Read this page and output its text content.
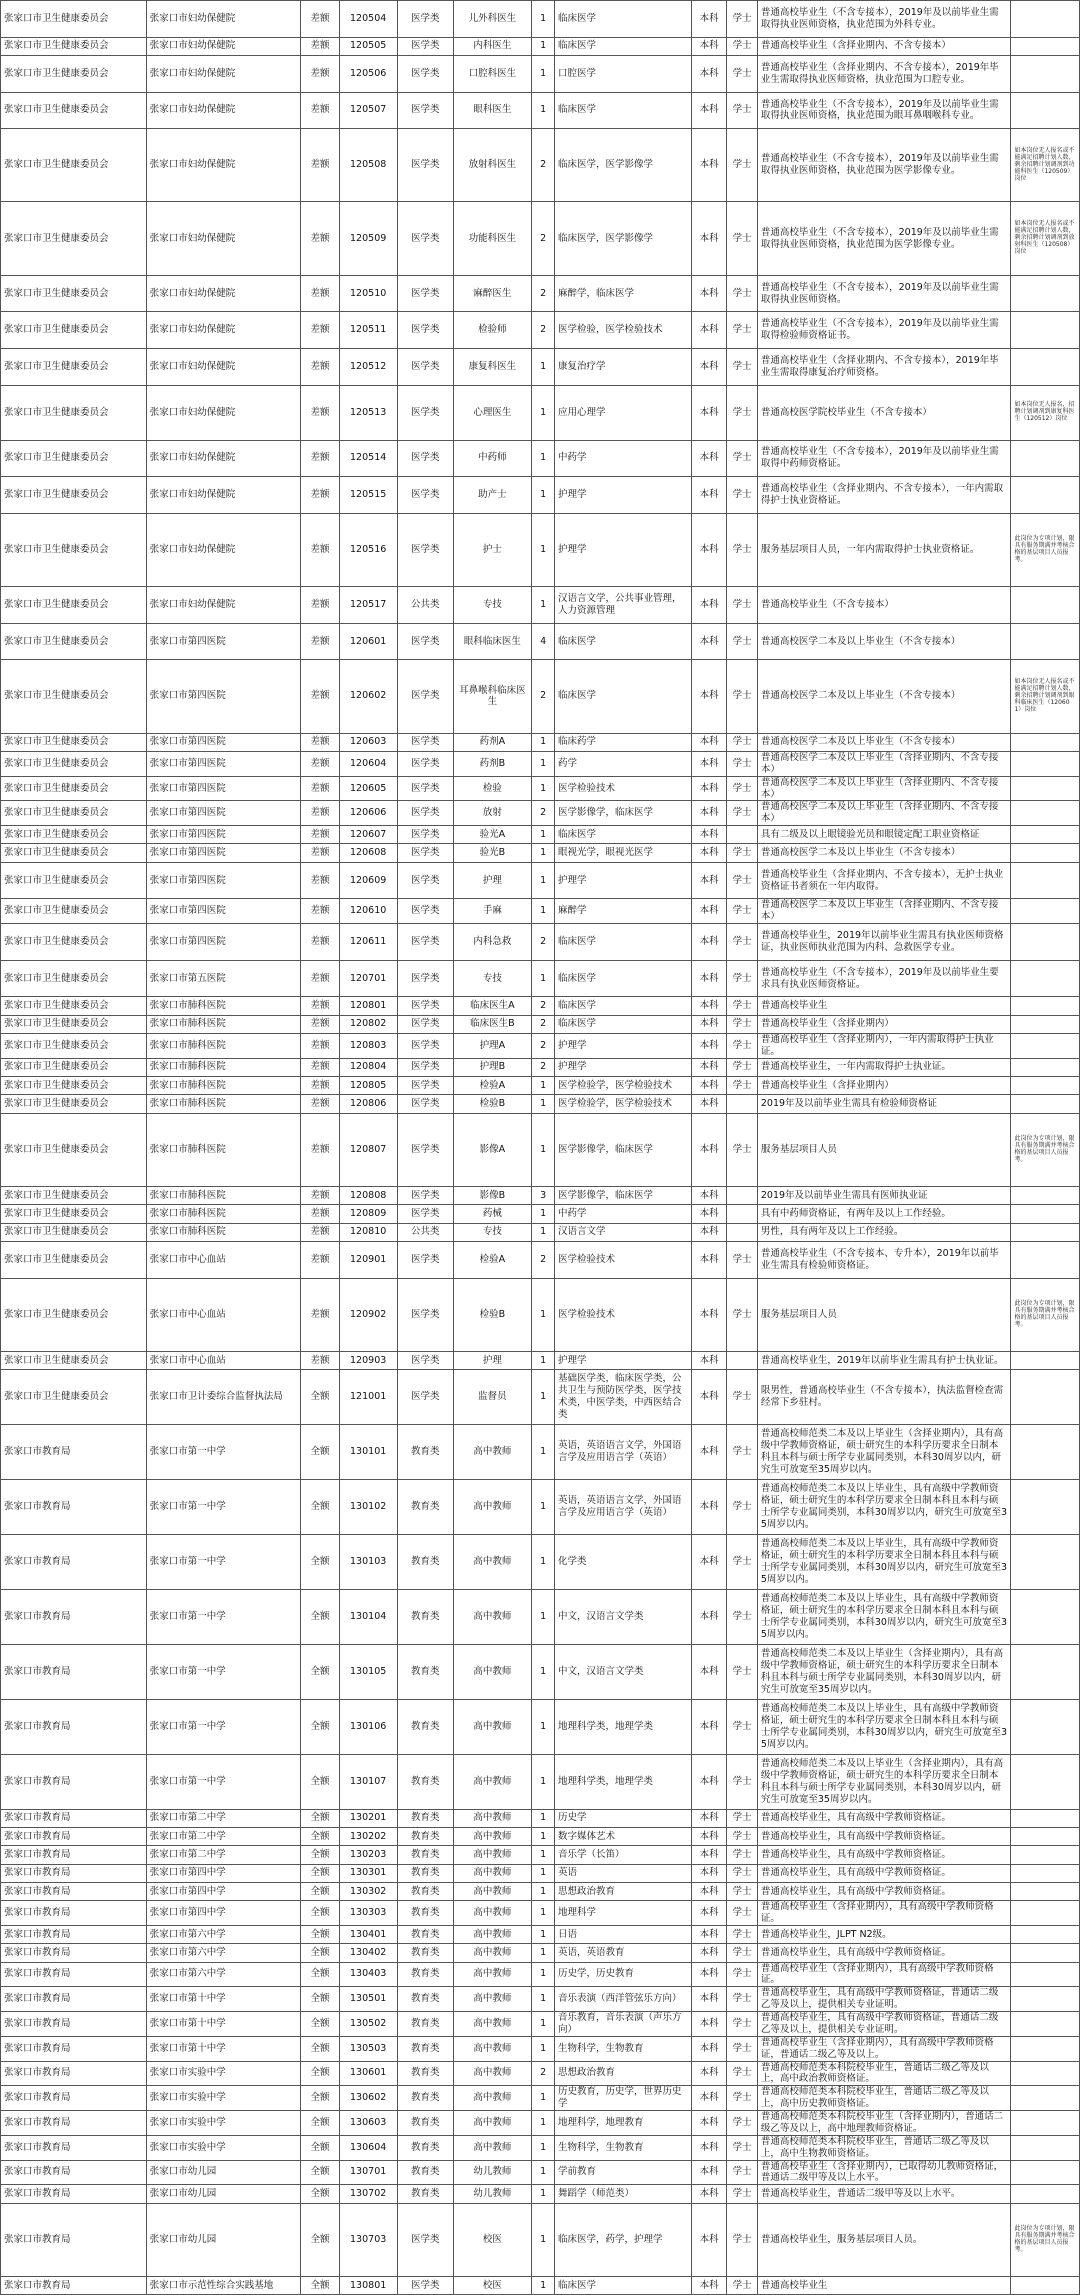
张家口市卫生健康委员会	张家口市妇幼保健院	差额	120504	医学类	儿外科医生	1	临床医学	本科	学士	普通高校毕业生（不含专接本），2019年及以前毕业生需取得执业医师资格，执业范围为外科专业。	
张家口市卫生健康委员会	张家口市妇幼保健院	差额	120505	医学类	内科医生	1	临床医学	本科	学士	普通高校毕业生（含择业期内、不含专接本）	
张家口市卫生健康委员会	张家口市妇幼保健院	差额	120506	医学类	口腔科医生	1	口腔医学	本科	学士	普通高校毕业生（含择业期内、不含专接本），2019年毕业生需取得执业医师资格，执业范围为口腔专业。	
张家口市卫生健康委员会	张家口市妇幼保健院	差额	120507	医学类	眼科医生	1	临床医学	本科	学士	普通高校毕业生（不含专接本），2019年及以前毕业生需取得执业医师资格，执业范围为眼耳鼻咽喉科专业。	
张家口市卫生健康委员会	张家口市妇幼保健院	差额	120508	医学类	放射科医生	2	临床医学，医学影像学	本科	学士	普通高校毕业生（不含专接本），2019年及以前毕业生需取得执业医师资格，执业范围为医学影像专业。	如本岗位无人报名或不能满足招聘计划人数，剩余招聘计划调剂到功能科医生（120509）岗位
张家口市卫生健康委员会	张家口市妇幼保健院	差额	120509	医学类	功能科医生	2	临床医学，医学影像学	本科	学士	普通高校毕业生（不含专接本），2019年及以前毕业生需取得执业医师资格，执业范围为医学影像专业。	如本岗位无人报名或不能满足招聘计划人数，剩余招聘计划调剂到放射科医生（120508）岗位
张家口市卫生健康委员会	张家口市妇幼保健院	差额	120510	医学类	麻醉医生	2	麻醉学，临床医学	本科	学士	普通高校毕业生（不含专接本），2019年及以前毕业生需取得执业医师资格。	
张家口市卫生健康委员会	张家口市妇幼保健院	差额	120511	医学类	检验师	2	医学检验，医学检验技术	本科	学士	普通高校毕业生（不含专接本），2019年及以前毕业生需取得检验师资格证书。	
张家口市卫生健康委员会	张家口市妇幼保健院	差额	120512	医学类	康复科医生	1	康复治疗学	本科	学士	普通高校毕业生（含择业期内、不含专接本），2019年毕业生需取得康复治疗师资格。	
张家口市卫生健康委员会	张家口市妇幼保健院	差额	120513	医学类	心理医生	1	应用心理学	本科	学士	普通高校医学院校毕业生（不含专接本）	如本岗位无人报名，招聘计划调剂到康复科医生（120512）岗位
张家口市卫生健康委员会	张家口市妇幼保健院	差额	120514	医学类	中药师	1	中药学	本科	学士	普通高校毕业生（不含专接本），2019年及以前毕业生需取得中药师资格证。	
张家口市卫生健康委员会	张家口市妇幼保健院	差额	120515	医学类	助产士	1	护理学	本科	学士	普通高校毕业生（含择业期内、不含专接本），一年内需取得护士执业资格证。	
张家口市卫生健康委员会	张家口市妇幼保健院	差额	120516	医学类	护士	1	护理学	本科	学士	服务基层项目人员，一年内需取得护士执业资格证。	此岗位为专项计划，限具有服务期满并考核合格的基层项目人员报考。
张家口市卫生健康委员会	张家口市妇幼保健院	差额	120517	公共类	专技	1	汉语言文学，公共事业管理，人力资源管理	本科	学士	普通高校毕业生（不含专接本）	
张家口市卫生健康委员会	张家口市第四医院	差额	120601	医学类	眼科临床医生	4	临床医学	本科	学士	普通高校医学二本及以上毕业生（不含专接本）	
张家口市卫生健康委员会	张家口市第四医院	差额	120602	医学类	耳鼻喉科临床医生	2	临床医学	本科	学士	普通高校医学二本及以上毕业生（不含专接本）	如本岗位无人报名或不能满足招聘计划人数，剩余招聘计划调剂到眼科临床医生（120601）岗位
张家口市卫生健康委员会	张家口市第四医院	差额	120603	医学类	药剂A	1	临床药学	本科	学士	普通高校医学二本及以上毕业生（不含专接本）	
张家口市卫生健康委员会	张家口市第四医院	差额	120604	医学类	药剂B	1	药学	本科	学士	普通高校医学二本及以上毕业生（含择业期内、不含专接本）	
张家口市卫生健康委员会	张家口市第四医院	差额	120605	医学类	检验	1	医学检验技术	本科	学士	普通高校医学二本及以上毕业生（含择业期内、不含专接本）	
张家口市卫生健康委员会	张家口市第四医院	差额	120606	医学类	放射	2	医学影像学，临床医学	本科	学士	普通高校医学二本及以上毕业生（含择业期内、不含专接本）	
张家口市卫生健康委员会	张家口市第四医院	差额	120607	医学类	验光A	1	临床医学	本科		具有二级及以上眼镜验光员和眼镜定配工职业资格证	
张家口市卫生健康委员会	张家口市第四医院	差额	120608	医学类	验光B	1	眼视光学，眼视光医学	本科	学士	普通高校医学二本及以上毕业生（不含专接本）	
张家口市卫生健康委员会	张家口市第四医院	差额	120609	医学类	护理	1	护理学	本科	学士	普通高校毕业生（含择业期内、不含专接本），无护士执业资格证书者须在一年内取得。	
张家口市卫生健康委员会	张家口市第四医院	差额	120610	医学类	手麻	1	麻醉学	本科	学士	普通高校医学二本及以上毕业生（含择业期内、不含专接本）	
张家口市卫生健康委员会	张家口市第四医院	差额	120611	医学类	内科急救	2	临床医学	本科	学士	普通高校毕业生，2019年以前毕业生需具有执业医师资格证，执业医师执业范围为内科、急救医学专业。	
张家口市卫生健康委员会	张家口市第五医院	差额	120701	医学类	专技	1	临床医学	本科	学士	普通高校毕业生（不含专接本），2019年及以前毕业生要求具有执业医师资格证。	
张家口市卫生健康委员会	张家口市肺科医院	差额	120801	医学类	临床医生A	2	临床医学	本科	学士	普通高校毕业生	
张家口市卫生健康委员会	张家口市肺科医院	差额	120802	医学类	临床医生B	2	临床医学	本科	学士	普通高校毕业生（含择业期内）	
张家口市卫生健康委员会	张家口市肺科医院	差额	120803	医学类	护理A	2	护理学	本科	学士	普通高校毕业生（含择业期内），一年内需取得护士执业证。	
张家口市卫生健康委员会	张家口市肺科医院	差额	120804	医学类	护理B	2	护理学	本科	学士	普通高校毕业生，一年内需取得护士执业证。	
张家口市卫生健康委员会	张家口市肺科医院	差额	120805	医学类	检验A	1	医学检验学，医学检验技术	本科	学士	普通高校毕业生（含择业期内）	
张家口市卫生健康委员会	张家口市肺科医院	差额	120806	医学类	检验B	1	医学检验学，医学检验技术	本科		2019年及以前毕业生需具有检验师资格证	
张家口市卫生健康委员会	张家口市肺科医院	差额	120807	医学类	影像A	1	医学影像学，临床医学	本科	学士	服务基层项目人员	此岗位为专项计划，限具有服务期满并考核合格的基层项目人员报考。
张家口市卫生健康委员会	张家口市肺科医院	差额	120808	医学类	影像B	3	医学影像学，临床医学	本科		2019年及以前毕业生需具有医师执业证	
张家口市卫生健康委员会	张家口市肺科医院	差额	120809	医学类	药械	1	中药学	本科		具有中药师资格证，有两年及以上工作经验。	
张家口市卫生健康委员会	张家口市肺科医院	差额	120810	公共类	专技	1	汉语言文学	本科		男性，具有两年及以上工作经验。	
张家口市卫生健康委员会	张家口市中心血站	差额	120901	医学类	检验A	2	医学检验技术	本科	学士	普通高校毕业生（不含专接本、专升本），2019年以前毕业生需具有检验师资格证。	
张家口市卫生健康委员会	张家口市中心血站	差额	120902	医学类	检验B	1	医学检验技术	本科	学士	服务基层项目人员	此岗位为专项计划，限具有服务期满并考核合格的基层项目人员报考。
张家口市卫生健康委员会	张家口市中心血站	差额	120903	医学类	护理	1	护理学	本科		普通高校毕业生，2019年以前毕业生需具有护士执业证。	
张家口市卫生健康委员会	张家口市卫计委综合监督执法局	全额	121001	医学类	监督员	1	基础医学类，临床医学类，公共卫生与预防医学类，医学技术类，中医学类，中西医结合类	本科	学士	限男性，普通高校毕业生（不含专接本），执法监督检查需经常下乡驻村。	
张家口市教育局	张家口市第一中学	全额	130101	教育类	高中教师	1	英语，英语语言文学，外国语言学及应用语言学（英语）	本科	学士	普通高校师范类二本及以上毕业生（含择业期内），具有高级中学教师资格证，硕士研究生的本科学历要求全日制本科且本科与硕士所学专业属同类别，本科30周岁以内，研究生可放宽至35周岁以内。	
张家口市教育局	张家口市第一中学	全额	130102	教育类	高中教师	1	英语，英语语言文学，外国语言学及应用语言学（英语）	本科	学士	普通高校师范类二本及以上毕业生，具有高级中学教师资格证，硕士研究生的本科学历要求全日制本科且本科与硕士所学专业属同类别，本科30周岁以内，研究生可放宽至35周岁以内。	
张家口市教育局	张家口市第一中学	全额	130103	教育类	高中教师	1	化学类	本科	学士	普通高校师范类二本及以上毕业生，具有高级中学教师资格证，硕士研究生的本科学历要求全日制本科且本科与硕士所学专业属同类别，本科30周岁以内，研究生可放宽至35周岁以内。	
张家口市教育局	张家口市第一中学	全额	130104	教育类	高中教师	1	中文，汉语言文学类	本科	学士	普通高校师范类二本及以上毕业生，具有高级中学教师资格证，硕士研究生的本科学历要求全日制本科且本科与硕士所学专业属同类别，本科30周岁以内，研究生可放宽至35周岁以内。	
张家口市教育局	张家口市第一中学	全额	130105	教育类	高中教师	1	中文，汉语言文学类	本科	学士	普通高校师范类二本及以上毕业生（含择业期内），具有高级中学教师资格证，硕士研究生的本科学历要求全日制本科且本科与硕士所学专业属同类别，本科30周岁以内，研究生可放宽至35周岁以内。	
张家口市教育局	张家口市第一中学	全额	130106	教育类	高中教师	1	地理科学类，地理学类	本科	学士	普通高校师范类二本及以上毕业生，具有高级中学教师资格证，硕士研究生的本科学历要求全日制本科且本科与硕士所学专业属同类别，本科30周岁以内，研究生可放宽至35周岁以内。	
张家口市教育局	张家口市第一中学	全额	130107	教育类	高中教师	1	地理科学类，地理学类	本科	学士	普通高校师范类二本及以上毕业生（含择业期内），具有高级中学教师资格证，硕士研究生的本科学历要求全日制本科且本科与硕士所学专业属同类别，本科30周岁以内，研究生可放宽至35周岁以内。	
张家口市教育局	张家口市第二中学	全额	130201	教育类	高中教师	1	历史学	本科	学士	普通高校毕业生，具有高级中学教师资格证。	
张家口市教育局	张家口市第二中学	全额	130202	教育类	高中教师	1	数字媒体艺术	本科	学士	普通高校毕业生，具有高级中学教师资格证。	
张家口市教育局	张家口市第二中学	全额	130203	教育类	高中教师	1	音乐学（长笛）	本科	学士	普通高校毕业生，具有高级中学教师资格证。	
张家口市教育局	张家口市第四中学	全额	130301	教育类	高中教师	1	英语	本科	学士	普通高校毕业生，具有高级中学教师资格证。	
张家口市教育局	张家口市第四中学	全额	130302	教育类	高中教师	1	思想政治教育	本科	学士	普通高校毕业生，具有高级中学教师资格证。	
张家口市教育局	张家口市第四中学	全额	130303	教育类	高中教师	1	地理科学	本科	学士	普通高校毕业生（含择业期内），具有高级中学教师资格证。	
张家口市教育局	张家口市第六中学	全额	130401	教育类	高中教师	1	日语	本科	学士	普通高校毕业生，JLPT N2级。	
张家口市教育局	张家口市第六中学	全额	130402	教育类	高中教师	1	英语，英语教育	本科	学士	普通高校毕业生，具有高级中学教师资格证。	
张家口市教育局	张家口市第六中学	全额	130403	教育类	高中教师	1	历史学，历史教育	本科	学士	普通高校毕业生（含择业期内），具有高级中学教师资格证。	
张家口市教育局	张家口市第十中学	全额	130501	教育类	高中教师	1	音乐表演（西洋管弦乐方向）	本科	学士	普通高校毕业生，具有高级中学教师资格证，普通话二级乙等及以上，提供相关专业证明。	
张家口市教育局	张家口市第十中学	全额	130502	教育类	高中教师	1	音乐教育，音乐表演（声乐方向）	本科	学士	普通高校毕业生，具有高级中学教师资格证，普通话二级乙等及以上，提供相关专业证明。	
张家口市教育局	张家口市第十中学	全额	130503	教育类	高中教师	1	生物科学，生物教育	本科	学士	普通高校毕业生（含择业期内），具有高级中学教师资格证，普通话二级乙等及以上。	
张家口市教育局	张家口市实验中学	全额	130601	教育类	高中教师	2	思想政治教育	本科	学士	普通高校师范类本科院校毕业生，普通话二级乙等及以上，高中政治教师资格证。	
张家口市教育局	张家口市实验中学	全额	130602	教育类	高中教师	1	历史教育，历史学，世界历史学	本科	学士	普通高校师范类本科院校毕业生，普通话二级乙等及以上，高中历史教师资格证。	
张家口市教育局	张家口市实验中学	全额	130603	教育类	高中教师	1	地理科学，地理教育	本科	学士	普通高校师范类本科院校毕业生（含择业期内），普通话二级乙等及以上，高中地理教师资格证。	
张家口市教育局	张家口市实验中学	全额	130604	教育类	高中教师	1	生物科学，生物教育	本科	学士	普通高校师范类本科院校毕业生，普通话二级乙等及以上，高中生物教师资格证。	
张家口市教育局	张家口市幼儿园	全额	130701	教育类	幼儿教师	1	学前教育	本科	学士	普通高校毕业生（含择业期内），已取得幼儿教师资格证，普通话二级甲等及以上水平。	
张家口市教育局	张家口市幼儿园	全额	130702	教育类	幼儿教师	1	舞蹈学（师范类）	本科	学士	普通高校毕业生，普通话二级甲等及以上水平。	
张家口市教育局	张家口市幼儿园	全额	130703	医学类	校医	1	临床医学，药学，护理学	本科	学士	普通高校毕业生，服务基层项目人员。	此岗位为专项计划，限具有服务期满并考核合格的基层项目人员报考。
张家口市教育局	张家口市示范性综合实践基地	全额	130801	医学类	校医	1	临床医学	本科	学士	普通高校毕业生	
